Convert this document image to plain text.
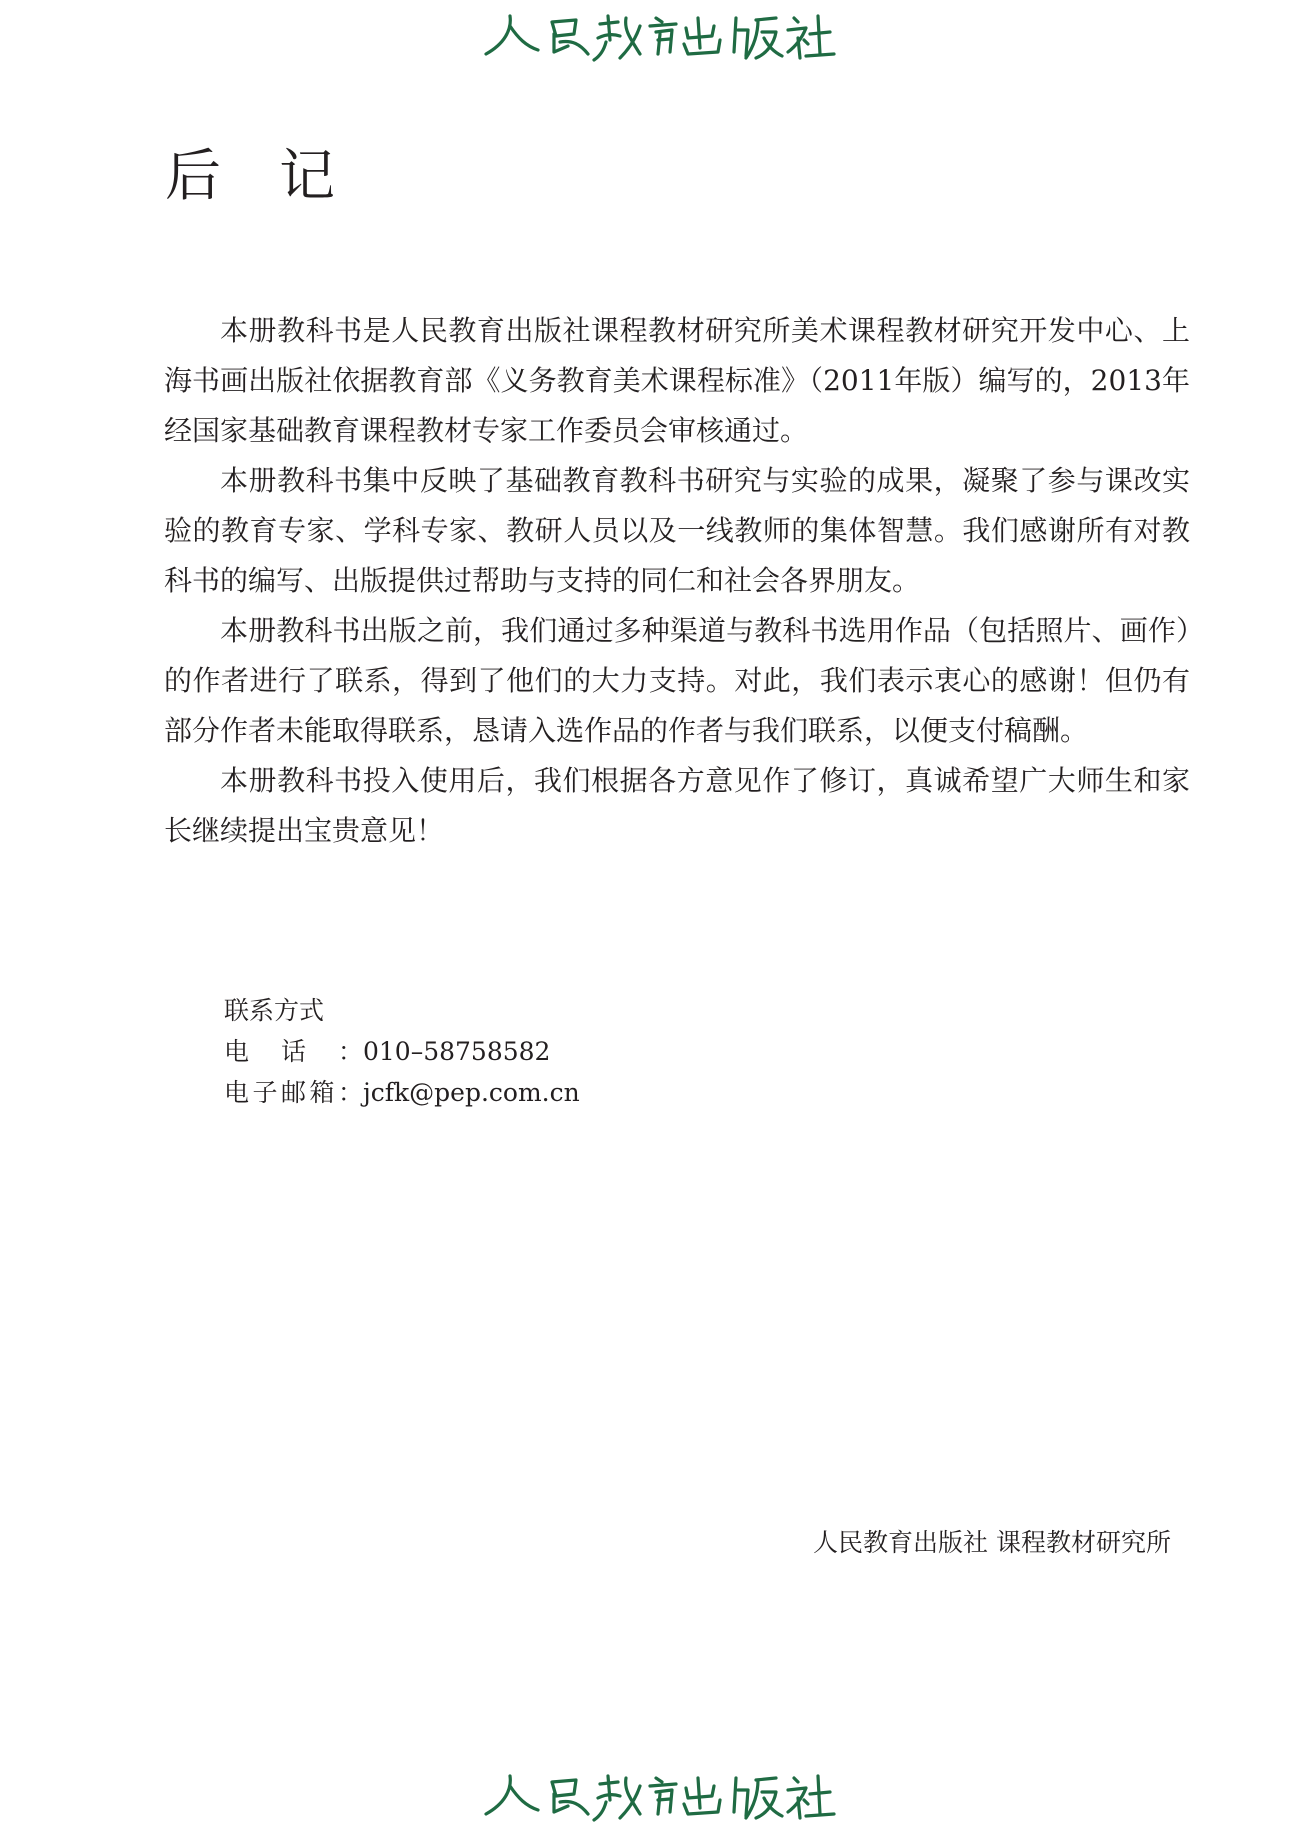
后记

本册教科书是人民教育出版社课程教材研究所美术课程教材研究开发中心、上海书画出版社依据教育部《义务教育美术课程标准》（2011年版）编写的，2013年经国家基础教育课程教材专家工作委员会审核通过。

本册教科书集中反映了基础教育教科书研究与实验的成果，凝聚了参与课改实验的教育专家、学科专家、教研人员以及一线教师的集体智慧。我们感谢所有对教科书的编写、出版提供过帮助与支持的同仁和社会各界朋友。

本册教科书出版之前，我们通过多种渠道与教科书选用作品（包括照片、画作）的作者进行了联系，得到了他们的大力支持。对此，我们表示衷心的感谢！但仍有部分作者未能取得联系，恳请入选作品的作者与我们联系，以便支付稿酬。

本册教科书投入使用后，我们根据各方意见作了修订，真诚希望广大师生和家长继续提出宝贵意见！

联系方式
电话：010–58758582
电子邮箱：jcfk@pep.com.cn
人民教育出版社 课程教材研究所
